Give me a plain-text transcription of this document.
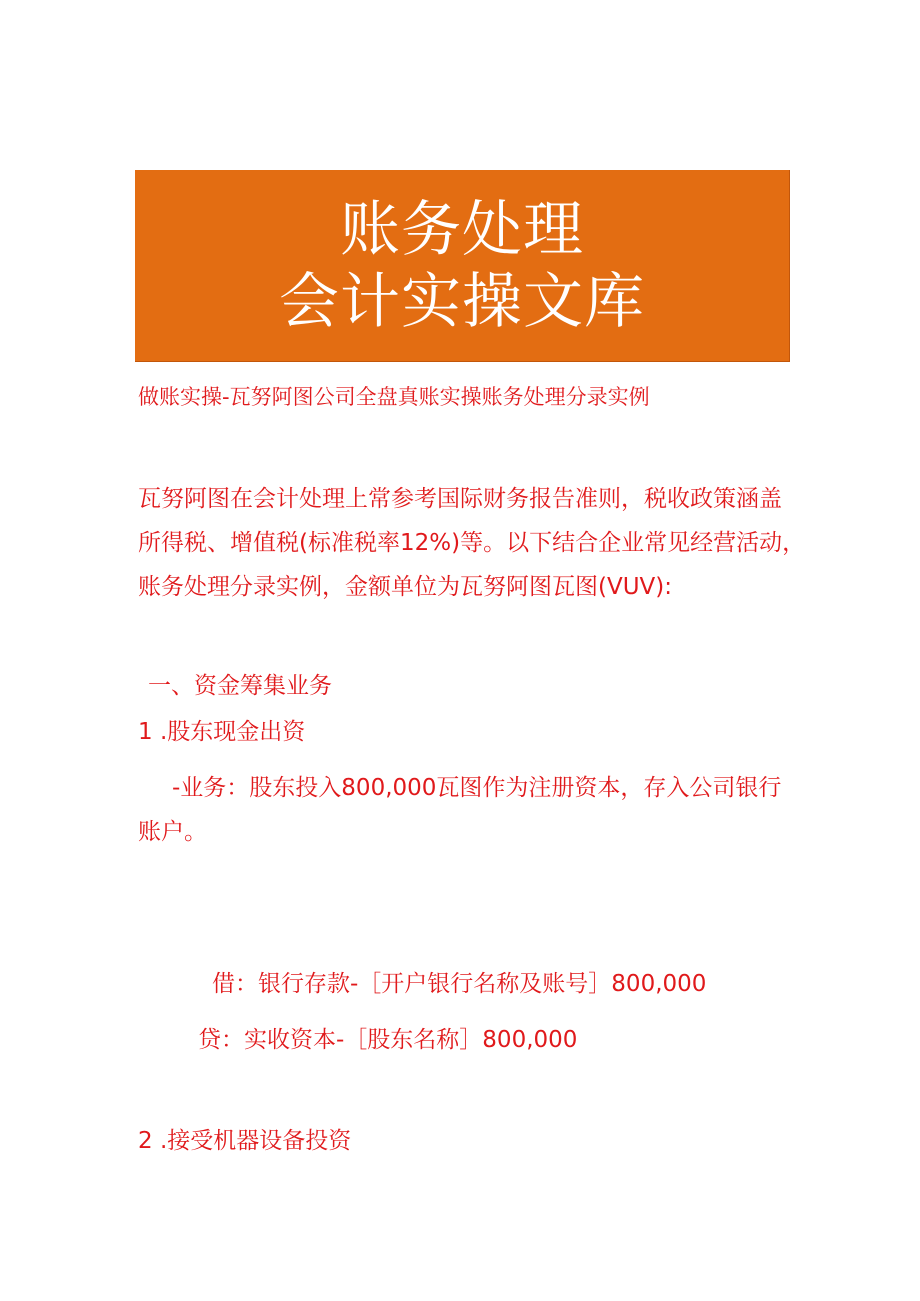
账务处理
会计实操文库
做账实操-瓦努阿图公司全盘真账实操账务处理分录实例

瓦努阿图在会计处理上常参考国际财务报告准则，税收政策涵盖

所得税、增值税(标准税率12%)等。以下结合企业常见经营活动，

账务处理分录实例，金额单位为瓦努阿图瓦图(VUV):

一、资金筹集业务
1 .股东现金出资

-业务：股东投入800,000瓦图作为注册资本，存入公司银行

账户。

借：银行存款-［开户银行名称及账号］800,000
贷：实收资本-［股东名称］800,000
2 .接受机器设备投资
